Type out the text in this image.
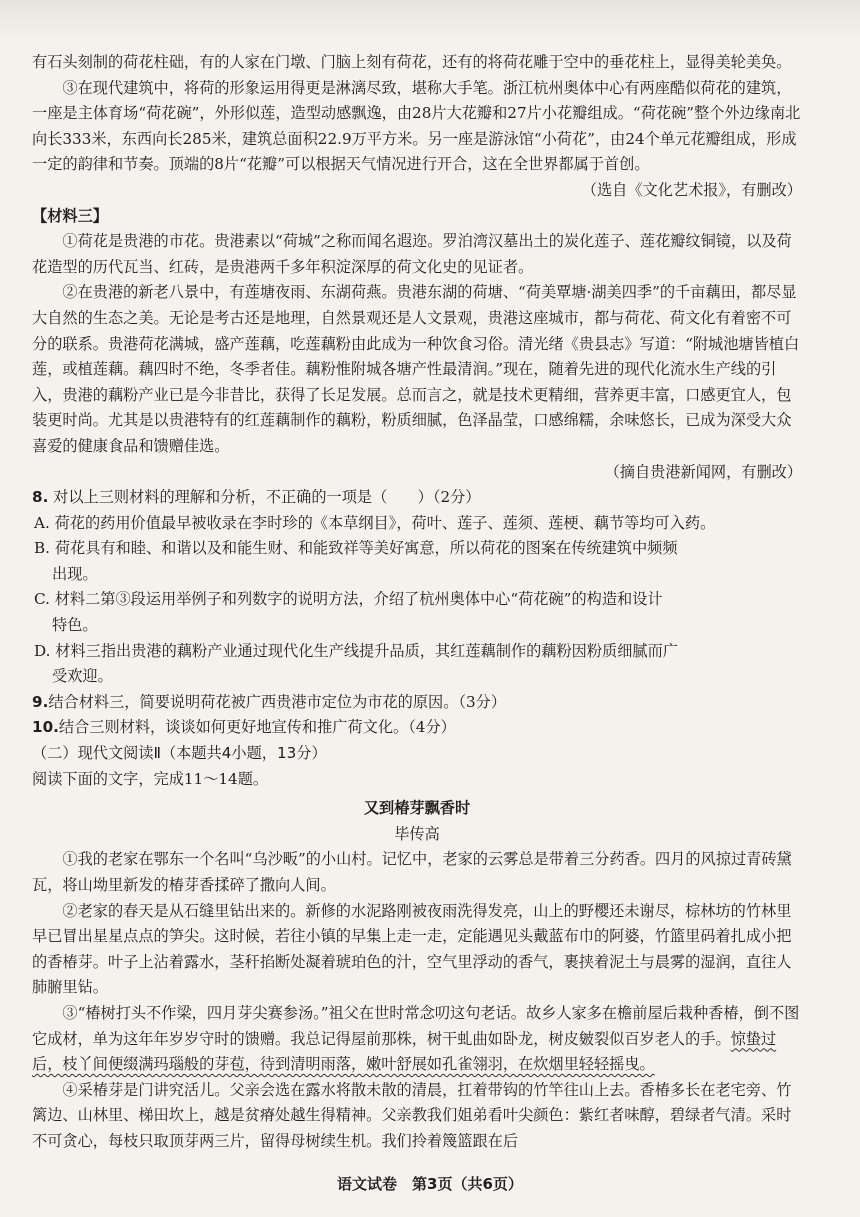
有石头刻制的荷花柱础，有的人家在门墩、门脑上刻有荷花，还有的将荷花雕于空中的垂花柱上，显得美轮美奂。

③在现代建筑中，将荷的形象运用得更是淋漓尽致，堪称大手笔。浙江杭州奥体中心有两座酷似荷花的建筑，一座是主体育场“荷花碗”，外形似莲，造型动感飘逸，由28片大花瓣和27片小花瓣组成。“荷花碗”整个外边缘南北向长333米，东西向长285米，建筑总面积22.9万平方米。另一座是游泳馆“小荷花”，由24个单元花瓣组成，形成一定的韵律和节奏。顶端的8片“花瓣”可以根据天气情况进行开合，这在全世界都属于首创。

（选自《文化艺术报》，有删改）

【材料三】

①荷花是贵港的市花。贵港素以“荷城”之称而闻名遐迩。罗泊湾汉墓出土的炭化莲子、莲花瓣纹铜镜，以及荷花造型的历代瓦当、红砖，是贵港两千多年积淀深厚的荷文化史的见证者。

②在贵港的新老八景中，有莲塘夜雨、东湖荷燕。贵港东湖的荷塘、“荷美覃塘·湖美四季”的千亩藕田，都尽显大自然的生态之美。无论是考古还是地理，自然景观还是人文景观，贵港这座城市，都与荷花、荷文化有着密不可分的联系。贵港荷花满城，盛产莲藕，吃莲藕粉由此成为一种饮食习俗。清光绪《贵县志》写道：“附城池塘皆植白莲，或植莲藕。藕四时不绝，冬季者佳。藕粉惟附城各塘产性最清润。”现在，随着先进的现代化流水生产线的引入，贵港的藕粉产业已是今非昔比，获得了长足发展。总而言之，就是技术更精细，营养更丰富，口感更宜人，包装更时尚。尤其是以贵港特有的红莲藕制作的藕粉，粉质细腻，色泽晶莹，口感绵糯，余味悠长，已成为深受大众喜爱的健康食品和馈赠佳选。

（摘自贵港新闻网，有删改）

8. 对以上三则材料的理解和分析，不正确的一项是（　　）（2分）

A. 荷花的药用价值最早被收录在李时珍的《本草纲目》，荷叶、莲子、莲须、莲梗、藕节等均可入药。

B. 荷花具有和睦、和谐以及和能生财、和能致祥等美好寓意，所以荷花的图案在传统建筑中频频

出现。

C. 材料二第③段运用举例子和列数字的说明方法，介绍了杭州奥体中心“荷花碗”的构造和设计

特色。

D. 材料三指出贵港的藕粉产业通过现代化生产线提升品质，其红莲藕制作的藕粉因粉质细腻而广

受欢迎。

9.结合材料三，简要说明荷花被广西贵港市定位为市花的原因。（3分）

10.结合三则材料，谈谈如何更好地宣传和推广荷文化。（4分）

（二）现代文阅读Ⅱ（本题共4小题，13分）

阅读下面的文字，完成11～14题。

又到椿芽飘香时

毕传高

①我的老家在鄂东一个名叫“乌沙畈”的小山村。记忆中，老家的云雾总是带着三分药香。四月的风掠过青砖黛瓦，将山坳里新发的椿芽香揉碎了撒向人间。

②老家的春天是从石缝里钻出来的。新修的水泥路刚被夜雨洗得发亮，山上的野樱还未谢尽，棕林坊的竹林里早已冒出星星点点的笋尖。这时候，若往小镇的早集上走一走，定能遇见头戴蓝布巾的阿婆，竹篮里码着扎成小把的香椿芽。叶子上沾着露水，茎秆掐断处凝着琥珀色的汁，空气里浮动的香气，裹挟着泥土与晨雾的湿润，直往人肺腑里钻。

③“椿树打头不作梁，四月芽尖赛参汤。”祖父在世时常念叨这句老话。故乡人家多在檐前屋后栽种香椿，倒不图它成材，单为这年年岁岁守时的馈赠。我总记得屋前那株，树干虬曲如卧龙，树皮皴裂似百岁老人的手。惊蛰过后，枝丫间便缀满玛瑙般的芽苞，待到清明雨落，嫩叶舒展如孔雀翎羽，在炊烟里轻轻摇曳。

④采椿芽是门讲究活儿。父亲会选在露水将散未散的清晨，扛着带钩的竹竿往山上去。香椿多长在老宅旁、竹篱边、山林里、梯田坎上，越是贫瘠处越生得精神。父亲教我们姐弟看叶尖颜色：紫红者味醇，碧绿者气清。采时不可贪心，每枝只取顶芽两三片，留得母树续生机。我们拎着篾篮跟在后

语文试卷　第3页（共6页）
